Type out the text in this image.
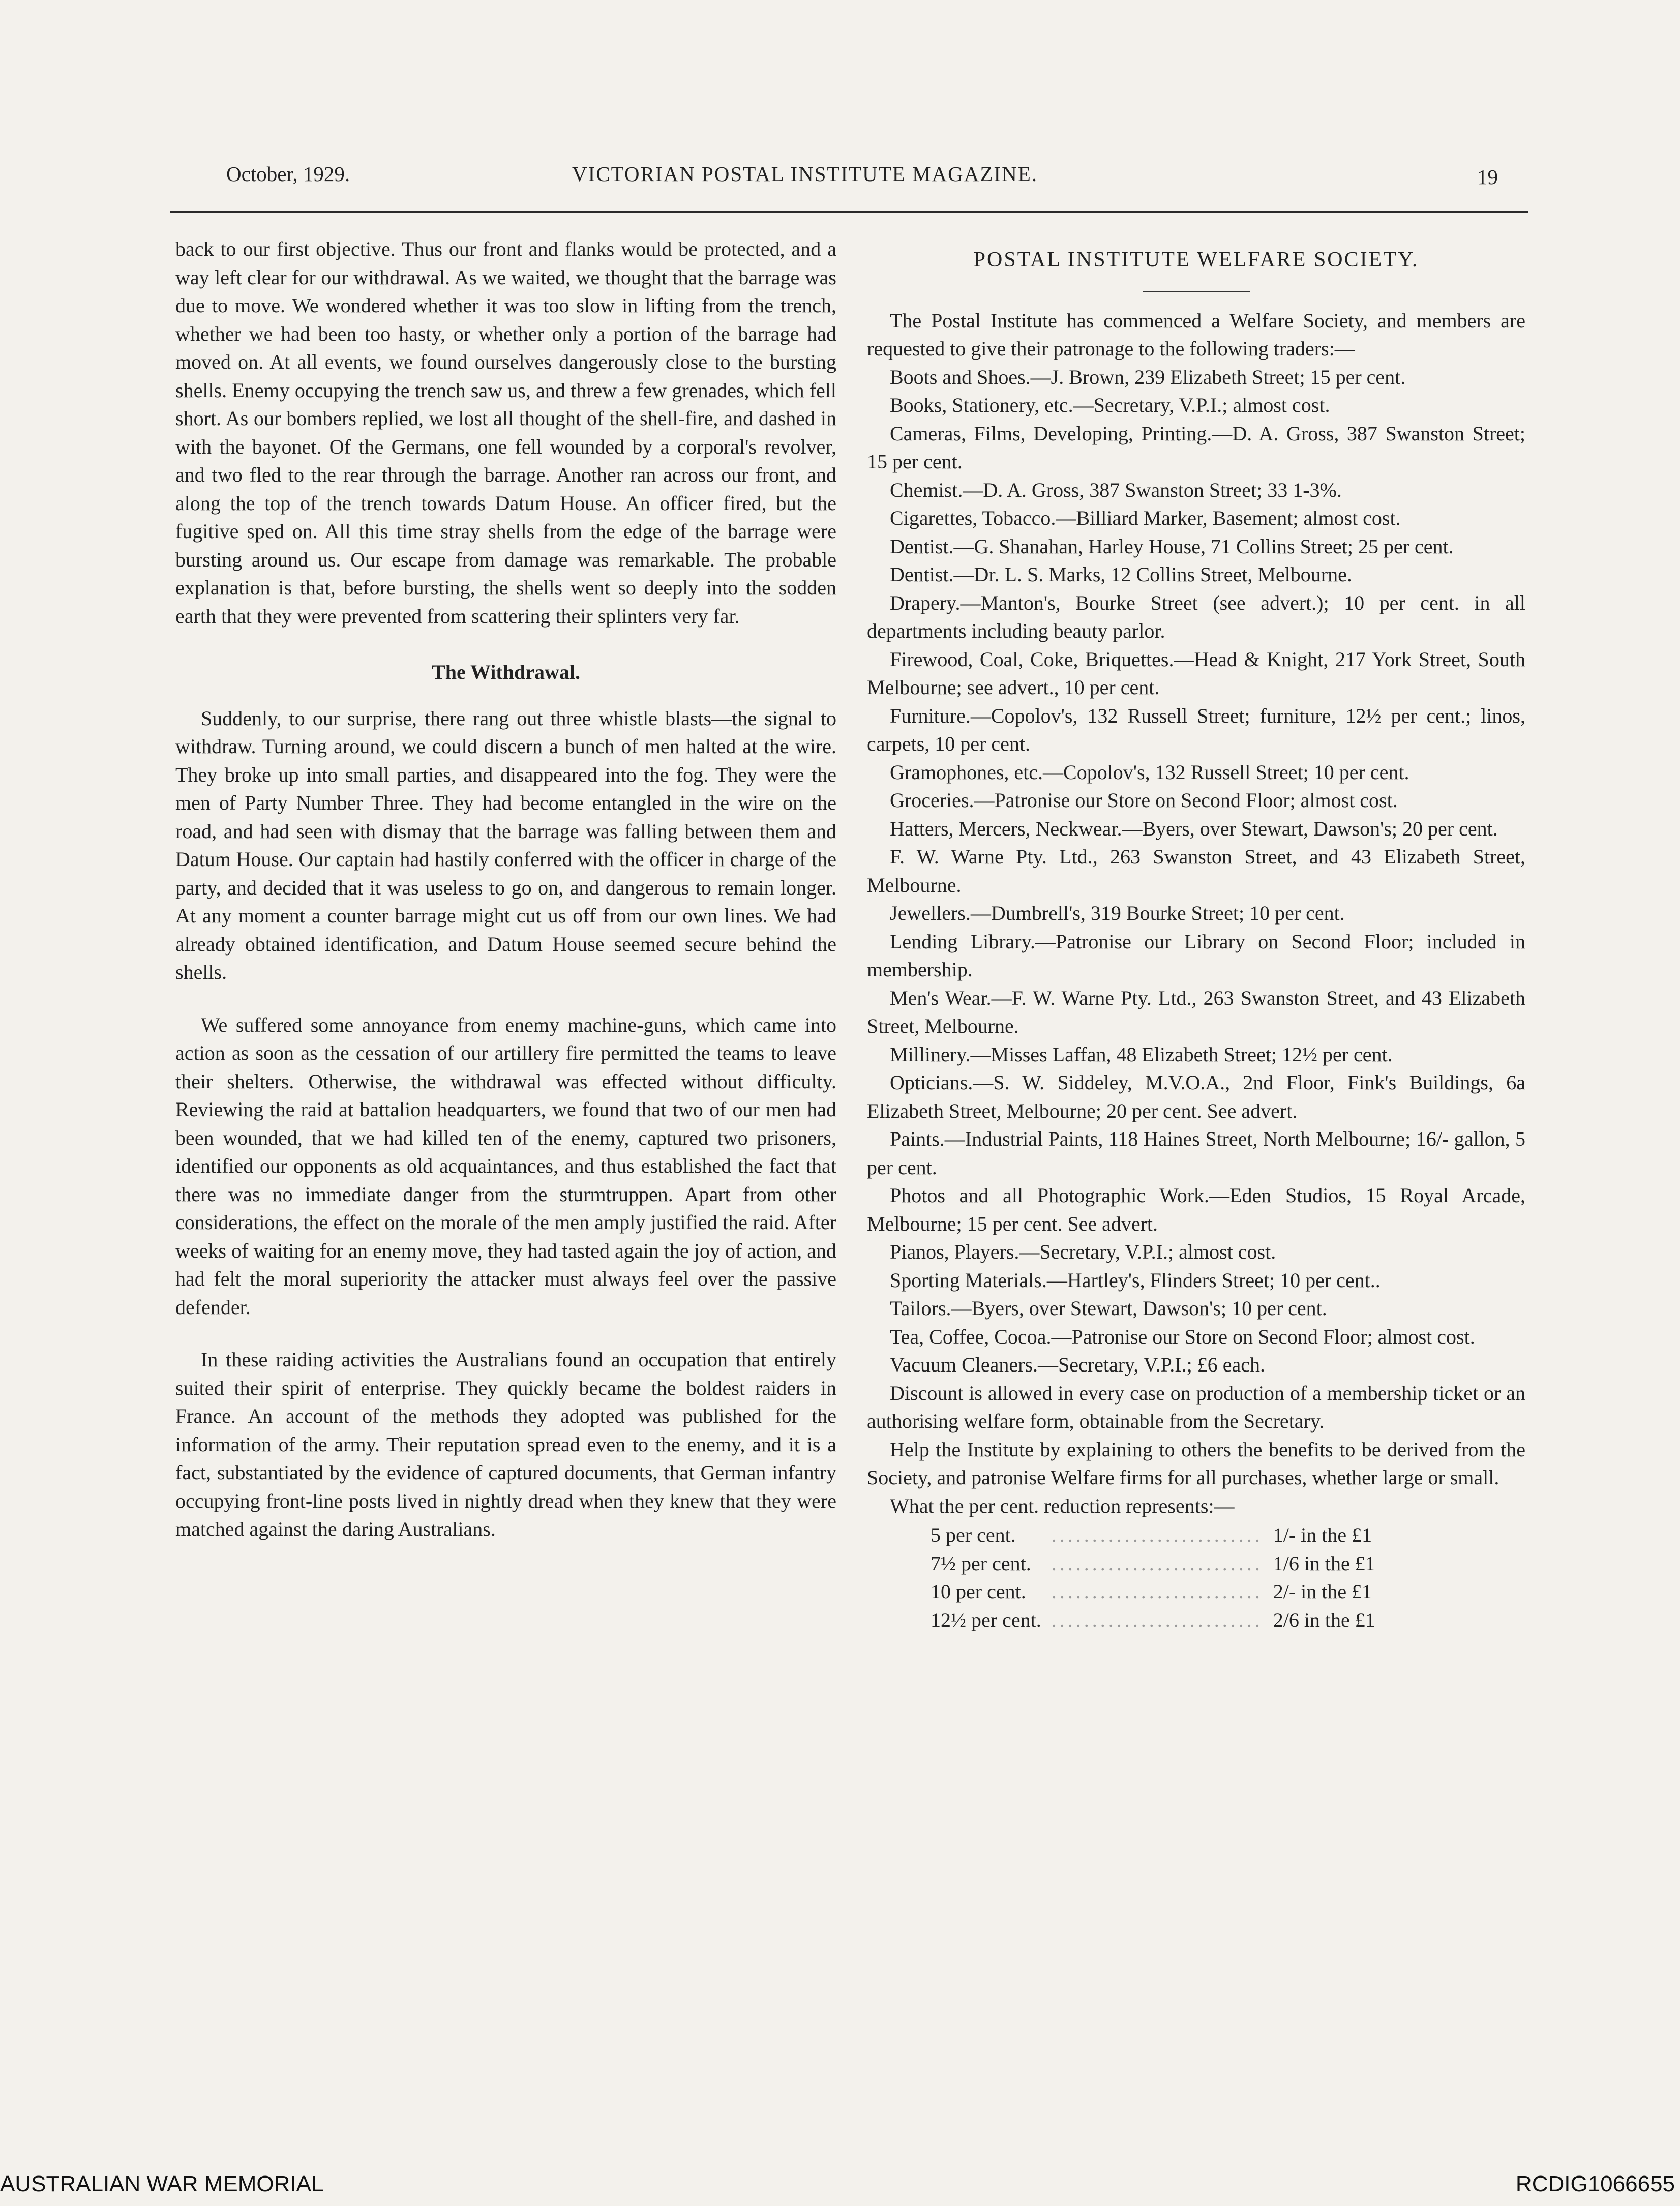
October, 1929.	VICTORIAN POSTAL INSTITUTE MAGAZINE.	19

back to our first objective. Thus our front and flanks would be protected, and a way left clear for our withdrawal. As we waited, we thought that the barrage was due to move. We wondered whether it was too slow in lifting from the trench, whether we had been too hasty, or whether only a portion of the barrage had moved on. At all events, we found ourselves dangerously close to the bursting shells. Enemy occupying the trench saw us, and threw a few grenades, which fell short. As our bombers replied, we lost all thought of the shell-fire, and dashed in with the bayonet. Of the Germans, one fell wounded by a corporal's revolver, and two fled to the rear through the barrage. Another ran across our front, and along the top of the trench towards Datum House. An officer fired, but the fugitive sped on. All this time stray shells from the edge of the barrage were bursting around us. Our escape from damage was remarkable. The probable explanation is that, before bursting, the shells went so deeply into the sodden earth that they were prevented from scattering their splinters very far.

The Withdrawal.

Suddenly, to our surprise, there rang out three whistle blasts—the signal to withdraw. Turning around, we could discern a bunch of men halted at the wire. They broke up into small parties, and disappeared into the fog. They were the men of Party Number Three. They had become entangled in the wire on the road, and had seen with dismay that the barrage was falling between them and Datum House. Our captain had hastily conferred with the officer in charge of the party, and decided that it was useless to go on, and dangerous to remain longer. At any moment a counter barrage might cut us off from our own lines. We had already obtained identification, and Datum House seemed secure behind the shells.

We suffered some annoyance from enemy machine-guns, which came into action as soon as the cessation of our artillery fire permitted the teams to leave their shelters. Otherwise, the withdrawal was effected without difficulty. Reviewing the raid at battalion headquarters, we found that two of our men had been wounded, that we had killed ten of the enemy, captured two prisoners, identified our opponents as old acquaintances, and thus established the fact that there was no immediate danger from the sturmtruppen. Apart from other considerations, the effect on the morale of the men amply justified the raid. After weeks of waiting for an enemy move, they had tasted again the joy of action, and had felt the moral superiority the attacker must always feel over the passive defender.

In these raiding activities the Australians found an occupation that entirely suited their spirit of enterprise. They quickly became the boldest raiders in France. An account of the methods they adopted was published for the information of the army. Their reputation spread even to the enemy, and it is a fact, substantiated by the evidence of captured documents, that German infantry occupying front-line posts lived in nightly dread when they knew that they were matched against the daring Australians.

POSTAL INSTITUTE WELFARE SOCIETY.

The Postal Institute has commenced a Welfare Society, and members are requested to give their patronage to the following traders:—

Boots and Shoes.—J. Brown, 239 Elizabeth Street; 15 per cent.

Books, Stationery, etc.—Secretary, V.P.I.; almost cost.

Cameras, Films, Developing, Printing.—D. A. Gross, 387 Swanston Street; 15 per cent.

Chemist.—D. A. Gross, 387 Swanston Street; 33 1-3%.

Cigarettes, Tobacco.—Billiard Marker, Basement; almost cost.

Dentist.—G. Shanahan, Harley House, 71 Collins Street; 25 per cent.

Dentist.—Dr. L. S. Marks, 12 Collins Street, Melbourne.

Drapery.—Manton's, Bourke Street (see advert.); 10 per cent. in all departments including beauty parlor.

Firewood, Coal, Coke, Briquettes.—Head & Knight, 217 York Street, South Melbourne; see advert., 10 per cent.

Furniture.—Copolov's, 132 Russell Street; furniture, 12½ per cent.; linos, carpets, 10 per cent.

Gramophones, etc.—Copolov's, 132 Russell Street; 10 per cent.

Groceries.—Patronise our Store on Second Floor; almost cost.

Hatters, Mercers, Neckwear.—Byers, over Stewart, Dawson's; 20 per cent.

F. W. Warne Pty. Ltd., 263 Swanston Street, and 43 Elizabeth Street, Melbourne.

Jewellers.—Dumbrell's, 319 Bourke Street; 10 per cent.

Lending Library.—Patronise our Library on Second Floor; included in membership.

Men's Wear.—F. W. Warne Pty. Ltd., 263 Swanston Street, and 43 Elizabeth Street, Melbourne.

Millinery.—Misses Laffan, 48 Elizabeth Street; 12½ per cent.

Opticians.—S. W. Siddeley, M.V.O.A., 2nd Floor, Fink's Buildings, 6a Elizabeth Street, Melbourne; 20 per cent. See advert.

Paints.—Industrial Paints, 118 Haines Street, North Melbourne; 16/- gallon, 5 per cent.

Photos and all Photographic Work.—Eden Studios, 15 Royal Arcade, Melbourne; 15 per cent. See advert.

Pianos, Players.—Secretary, V.P.I.; almost cost.

Sporting Materials.—Hartley's, Flinders Street; 10 per cent..

Tailors.—Byers, over Stewart, Dawson's; 10 per cent.

Tea, Coffee, Cocoa.—Patronise our Store on Second Floor; almost cost.

Vacuum Cleaners.—Secretary, V.P.I.; £6 each.

Discount is allowed in every case on production of a membership ticket or an authorising welfare form, obtainable from the Secretary.

Help the Institute by explaining to others the benefits to be derived from the Society, and patronise Welfare firms for all purchases, whether large or small.

What the per cent. reduction represents:—

5 per cent.	..........................	1/- in the £1
7½ per cent.	..........................	1/6 in the £1
10 per cent.	..........................	2/- in the £1
12½ per cent.	..........................	2/6 in the £1
AUSTRALIAN WAR MEMORIAL	RCDIG1066655
